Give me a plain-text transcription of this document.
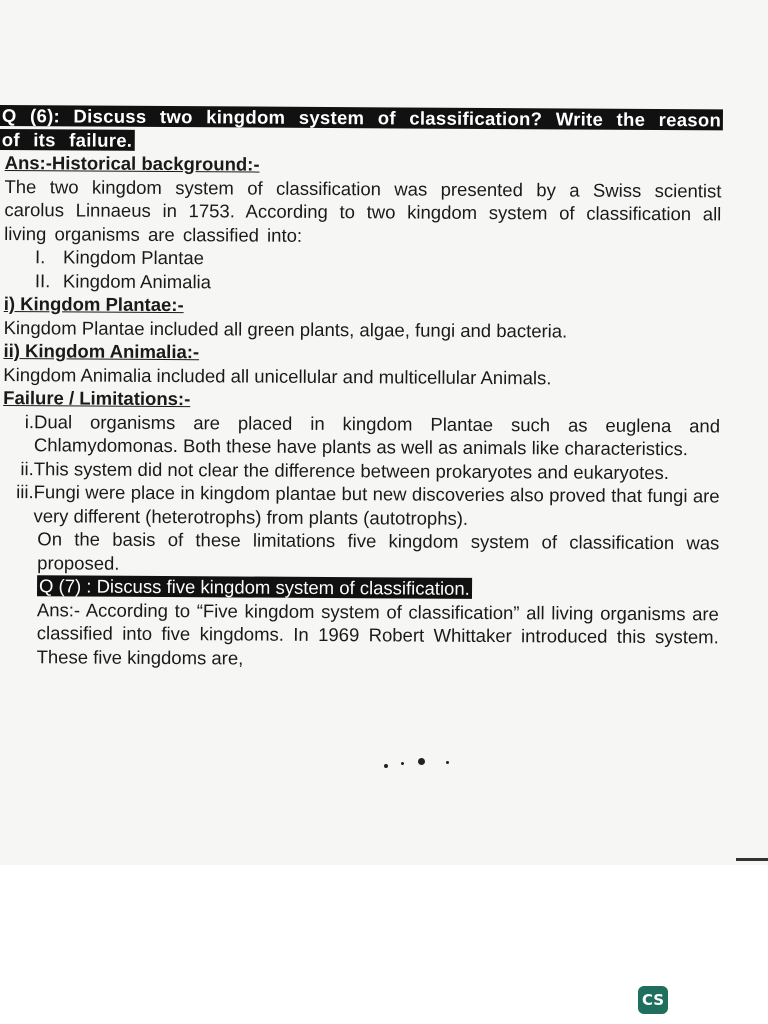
Q (6): Discuss two kingdom system of classification? Write the reason of its failure.

Ans:-Historical background:-

The two kingdom system of classification was presented by a Swiss scientist carolus Linnaeus in 1753. According to two kingdom system of classification all living organisms are classified into:

I. Kingdom Plantae
II. Kingdom Animalia

i) Kingdom Plantae:-

Kingdom Plantae included all green plants, algae, fungi and bacteria.

ii) Kingdom Animalia:-

Kingdom Animalia included all unicellular and multicellular Animals.

Failure / Limitations:-

i. Dual organisms are placed in kingdom Plantae such as euglena and Chlamydomonas. Both these have plants as well as animals like characteristics.
ii. This system did not clear the difference between prokaryotes and eukaryotes.
iii. Fungi were place in kingdom plantae but new discoveries also proved that fungi are very different (heterotrophs) from plants (autotrophs).

On the basis of these limitations five kingdom system of classification was proposed.

Q (7) : Discuss five kingdom system of classification.

Ans:- According to “Five kingdom system of classification” all living organisms are classified into five kingdoms. In 1969 Robert Whittaker introduced this system. These five kingdoms are,

CS
